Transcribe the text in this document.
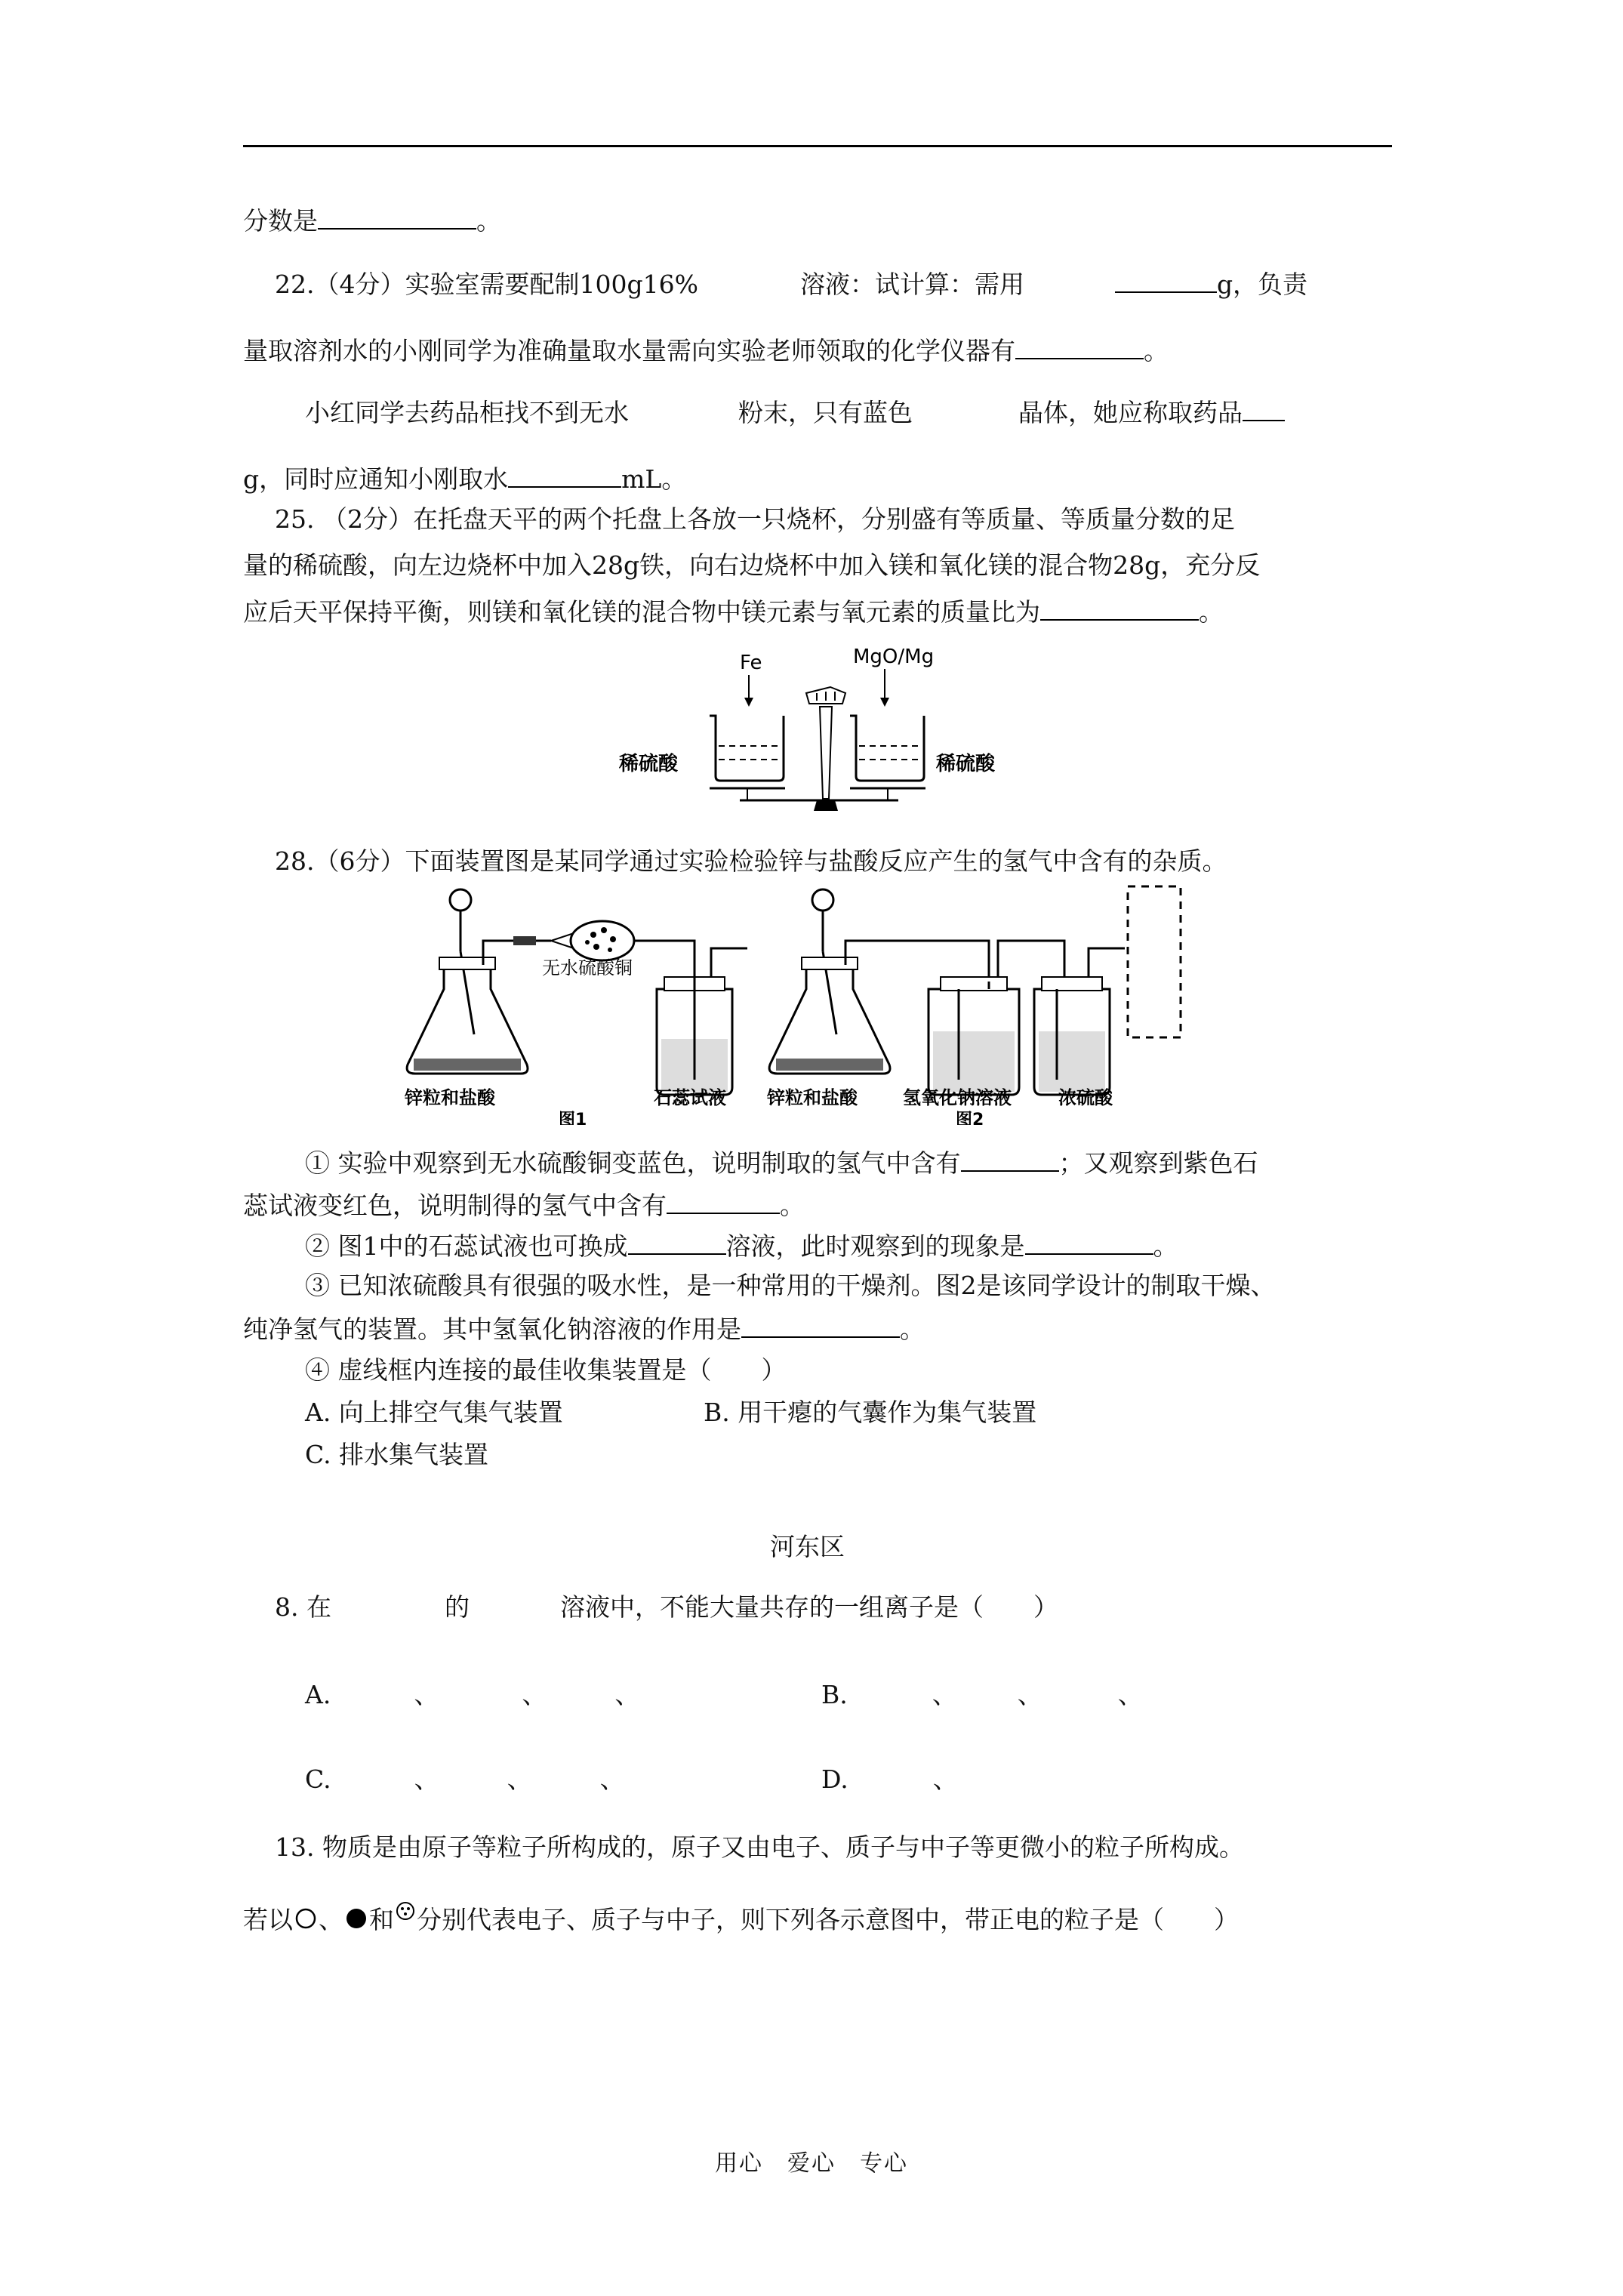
分数是	。
22.（4分）实验室需要配制100g16%	溶液：试计算：需用	g，负责
量取溶剂水的小刚同学为准确量取水量需向实验老师领取的化学仪器有	。
小红同学去药品柜找不到无水	粉末，只有蓝色	晶体，她应称取药品
g，同时应通知小刚取水	mL。
25. （2分）在托盘天平的两个托盘上各放一只烧杯，分别盛有等质量、等质量分数的足
量的稀硫酸，向左边烧杯中加入28g铁，向右边烧杯中加入镁和氧化镁的混合物28g，充分反
应后天平保持平衡，则镁和氧化镁的混合物中镁元素与氧元素的质量比为	。
Fe	MgO/Mg
稀硫酸	稀硫酸
28.（6分）下面装置图是某同学通过实验检验锌与盐酸反应产生的氢气中含有的杂质。
无水硫酸铜
锌粒和盐酸	石蕊试液
图1
锌粒和盐酸	氢氧化钠溶液	浓硫酸
图2
① 实验中观察到无水硫酸铜变蓝色，说明制取的氢气中含有	；又观察到紫色石
蕊试液变红色，说明制得的氢气中含有	。
② 图1中的石蕊试液也可换成	溶液，此时观察到的现象是	。
③ 已知浓硫酸具有很强的吸水性，是一种常用的干燥剂。图2是该同学设计的制取干燥、
纯净氢气的装置。其中氢氧化钠溶液的作用是	。
④ 虚线框内连接的最佳收集装置是（　　）
A. 向上排空气集气装置	B. 用干瘪的气囊作为集气装置
C. 排水集气装置
河东区
8. 在	的	溶液中，不能大量共存的一组离子是（　　）
A.	、	、	、	B.	、 、	、
C.	、	、	、	D.	、
13. 物质是由原子等粒子所构成的，原子又由电子、质子与中子等更微小的粒子所构成。
若以 、 和 分别代表电子、质子与中子，则下列各示意图中，带正电的粒子是（　　）
用心　爱心　专心
